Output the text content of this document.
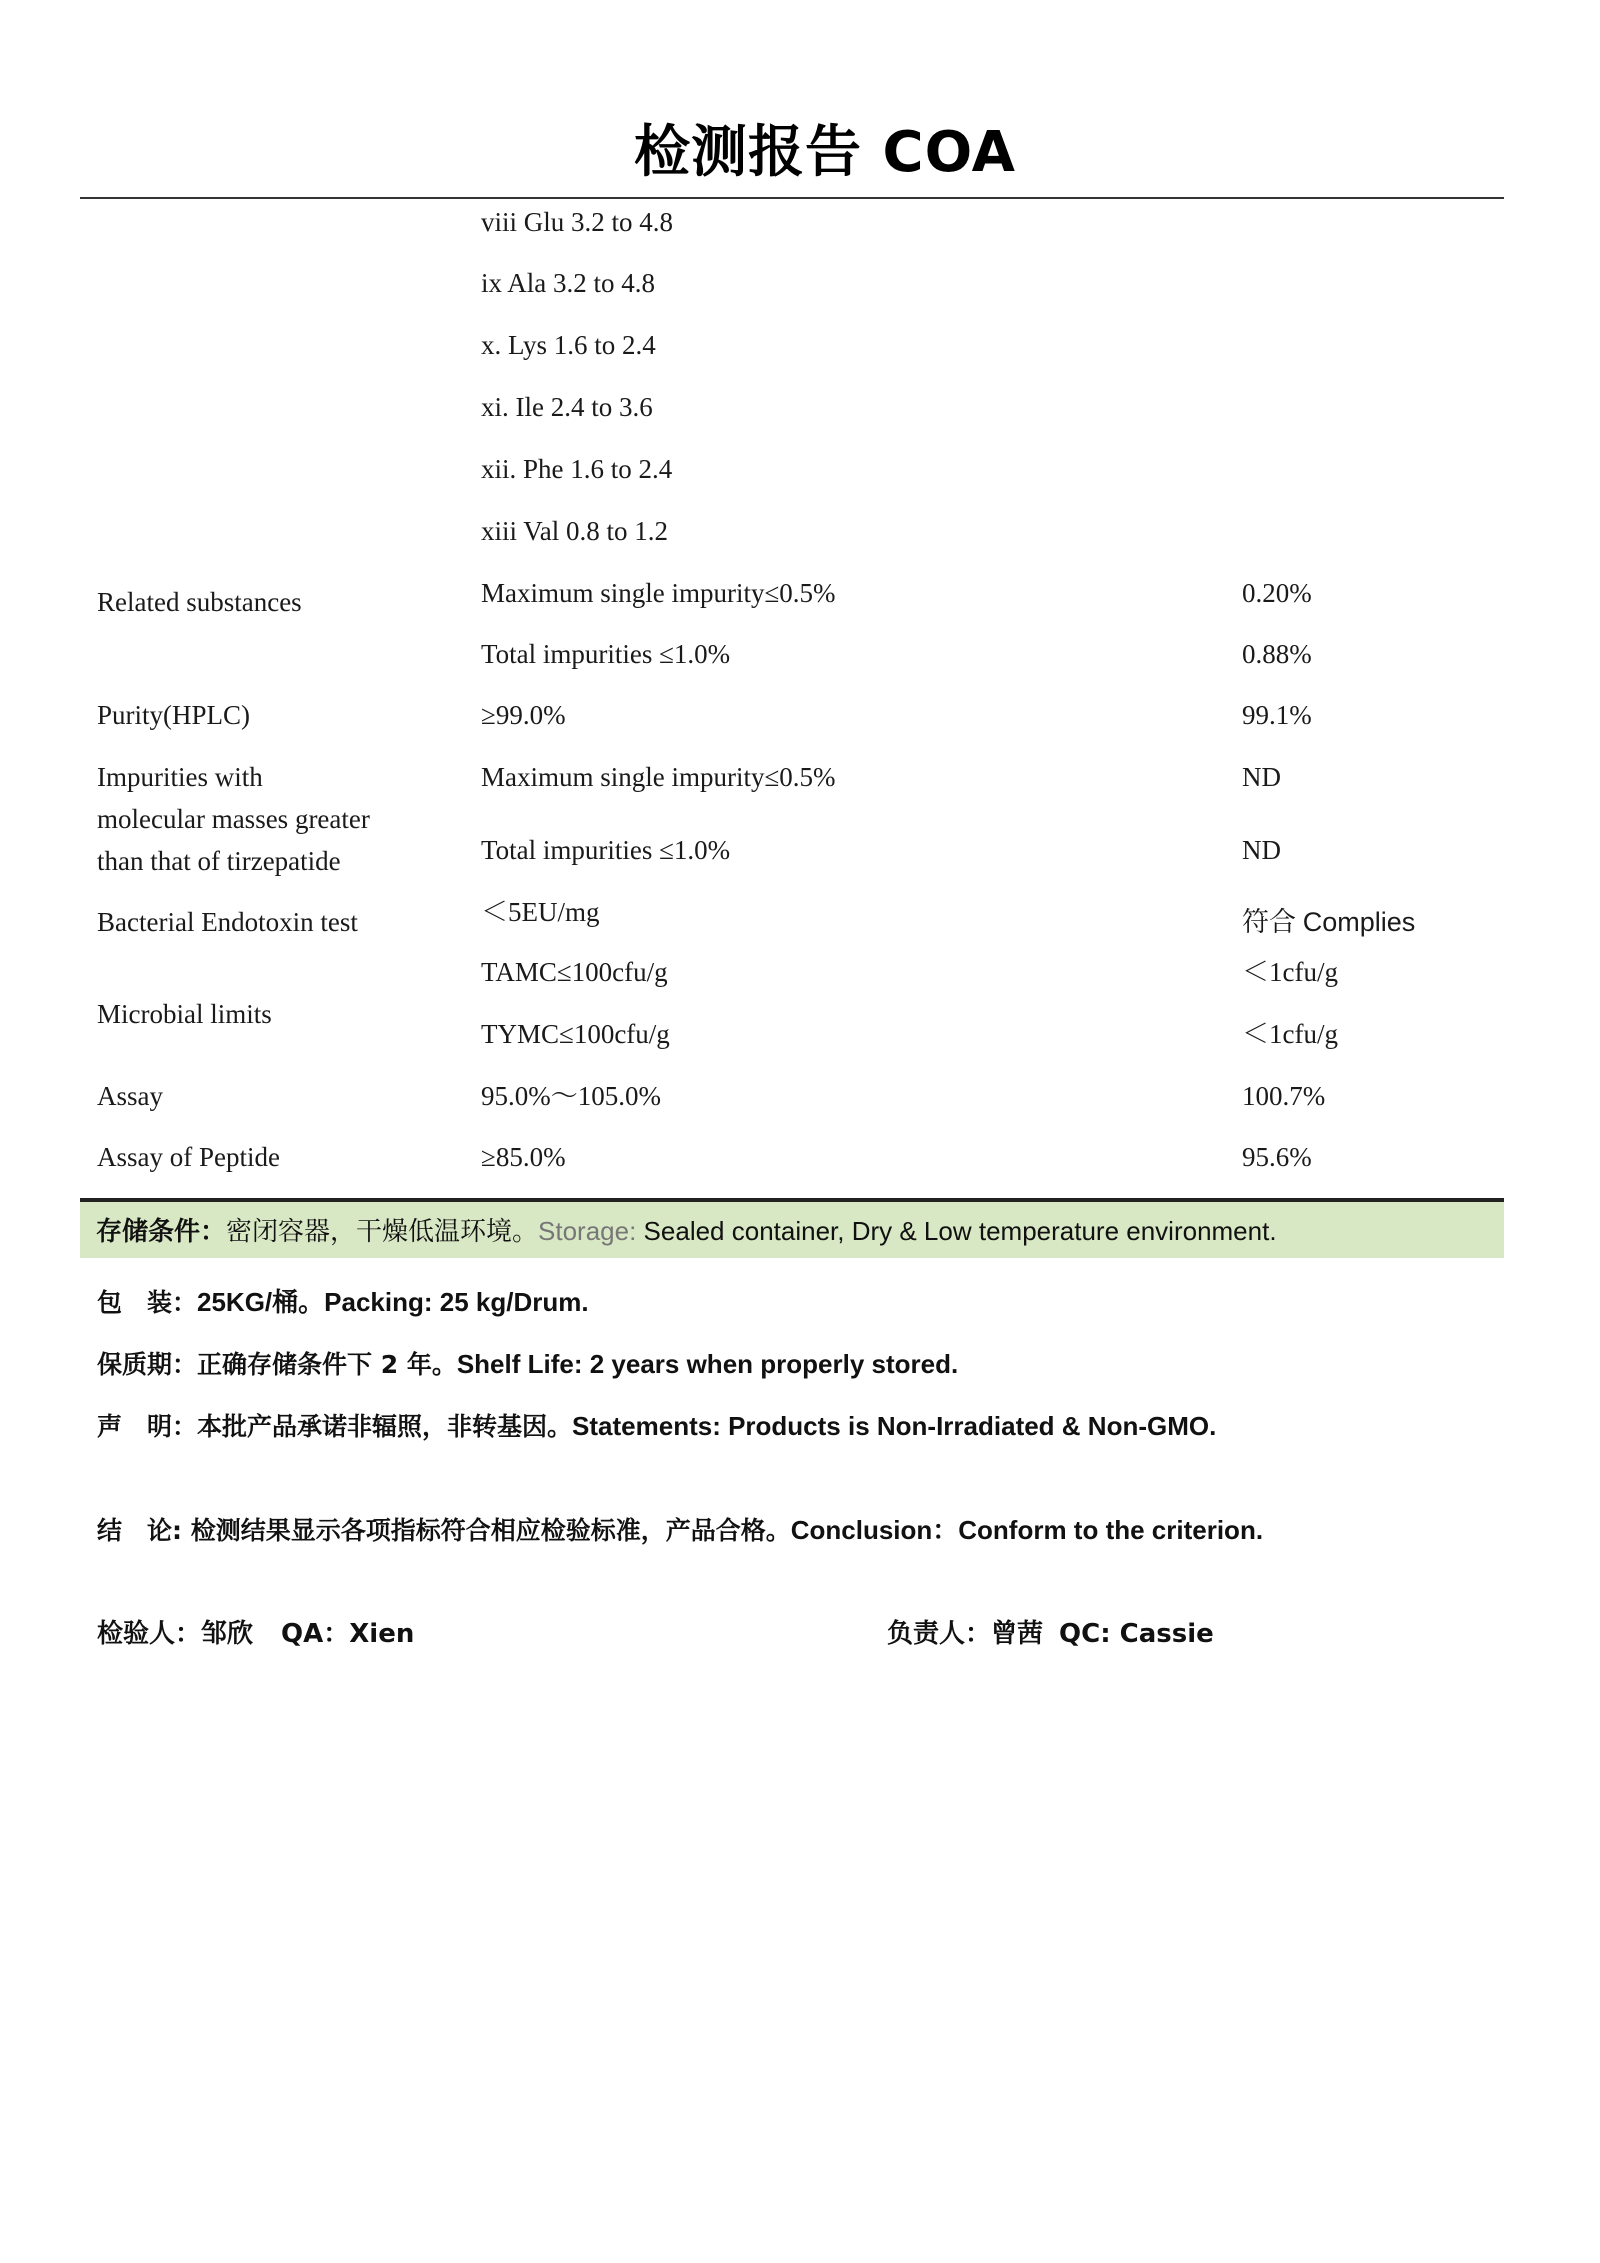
检测报告 COA
viii Glu 3.2 to 4.8
ix Ala 3.2 to 4.8
x. Lys 1.6 to 2.4
xi. Ile 2.4 to 3.6
xii. Phe 1.6 to 2.4
xiii Val 0.8 to 1.2
Related substances	Maximum single impurity≤0.5%	0.20%
Total impurities ≤1.0%	0.88%
Purity(HPLC)	≥99.0%	99.1%
Impurities with
molecular masses greater
than that of tirzepatide
Maximum single impurity≤0.5%	ND
Total impurities ≤1.0%	ND
Bacterial Endotoxin test	＜5EU/mg	符合 Complies
Microbial limits
TAMC≤100cfu/g	＜1cfu/g
TYMC≤100cfu/g	＜1cfu/g
Assay	95.0%～105.0%	100.7%
Assay of Peptide	≥85.0%	95.6%
存储条件：密闭容器，干燥低温环境。Storage: Sealed container, Dry & Low temperature environment.
包　装：25KG/桶。Packing: 25 kg/Drum.
保质期：正确存储条件下 2 年。Shelf Life: 2 years when properly stored.
声　明：本批产品承诺非辐照，非转基因。Statements: Products is Non-Irradiated & Non-GMO.
结　论: 检测结果显示各项指标符合相应检验标准，产品合格。Conclusion：Conform to the criterion.
检验人：邹欣 QA：Xien	负责人：曾茜 QC: Cassie
